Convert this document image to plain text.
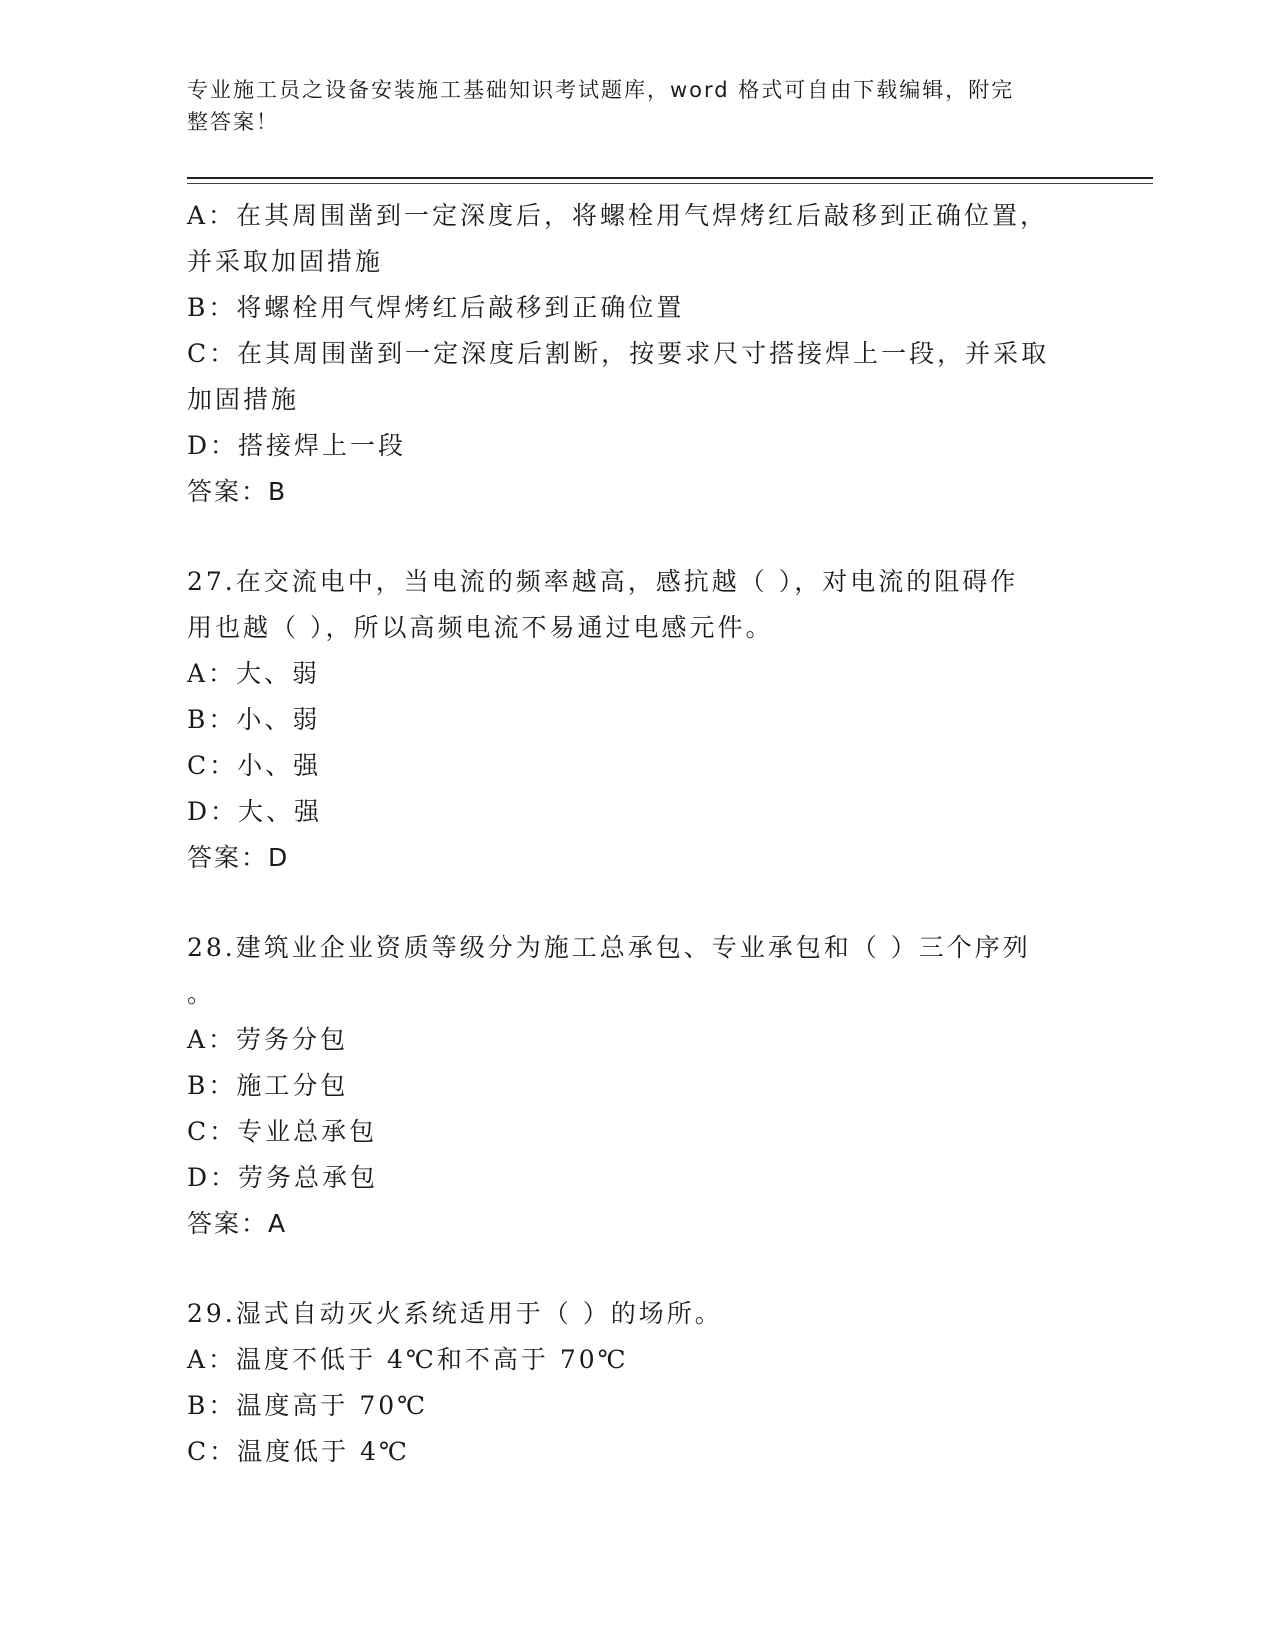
专业施工员之设备安装施工基础知识考试题库，word 格式可自由下载编辑，附完
整答案！
A：在其周围凿到一定深度后，将螺栓用气焊烤红后敲移到正确位置，
并采取加固措施
B：将螺栓用气焊烤红后敲移到正确位置
C：在其周围凿到一定深度后割断，按要求尺寸搭接焊上一段，并采取
加固措施
D：搭接焊上一段
答案：B
27.在交流电中，当电流的频率越高，感抗越（ ），对电流的阻碍作
用也越（ ），所以高频电流不易通过电感元件。
A：大、弱
B：小、弱
C：小、强
D：大、强
答案：D
28.建筑业企业资质等级分为施工总承包、专业承包和（ ）三个序列
。
A：劳务分包
B：施工分包
C：专业总承包
D：劳务总承包
答案：A
29.湿式自动灭火系统适用于（ ）的场所。
A：温度不低于 4℃和不高于 70℃
B：温度高于 70℃
C：温度低于 4℃
